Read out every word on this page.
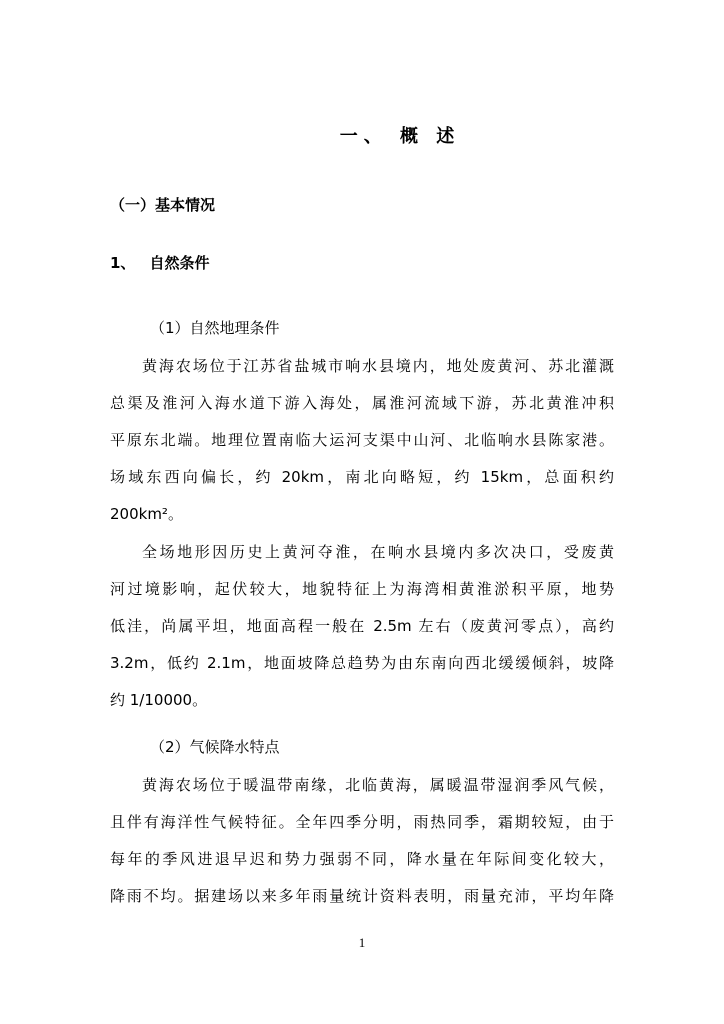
一、 概 述
（一）基本情况
1、 自然条件

（1）自然地理条件

黄海农场位于江苏省盐城市响水县境内，地处废黄河、苏北灌溉

总渠及淮河入海水道下游入海处，属淮河流域下游，苏北黄淮冲积

平原东北端。地理位置南临大运河支渠中山河、北临响水县陈家港。

场域东西向偏长，约 20km，南北向略短，约 15km，总面积约

200km²。

全场地形因历史上黄河夺淮，在响水县境内多次决口，受废黄

河过境影响，起伏较大，地貌特征上为海湾相黄淮淤积平原，地势

低洼，尚属平坦，地面高程一般在 2.5m 左右（废黄河零点），高约

3.2m，低约 2.1m，地面坡降总趋势为由东南向西北缓缓倾斜，坡降

约 1/10000。

（2）气候降水特点

黄海农场位于暖温带南缘，北临黄海，属暖温带湿润季风气候，

且伴有海洋性气候特征。全年四季分明，雨热同季，霜期较短，由于

每年的季风进退早迟和势力强弱不同，降水量在年际间变化较大，

降雨不均。据建场以来多年雨量统计资料表明，雨量充沛，平均年降

1
